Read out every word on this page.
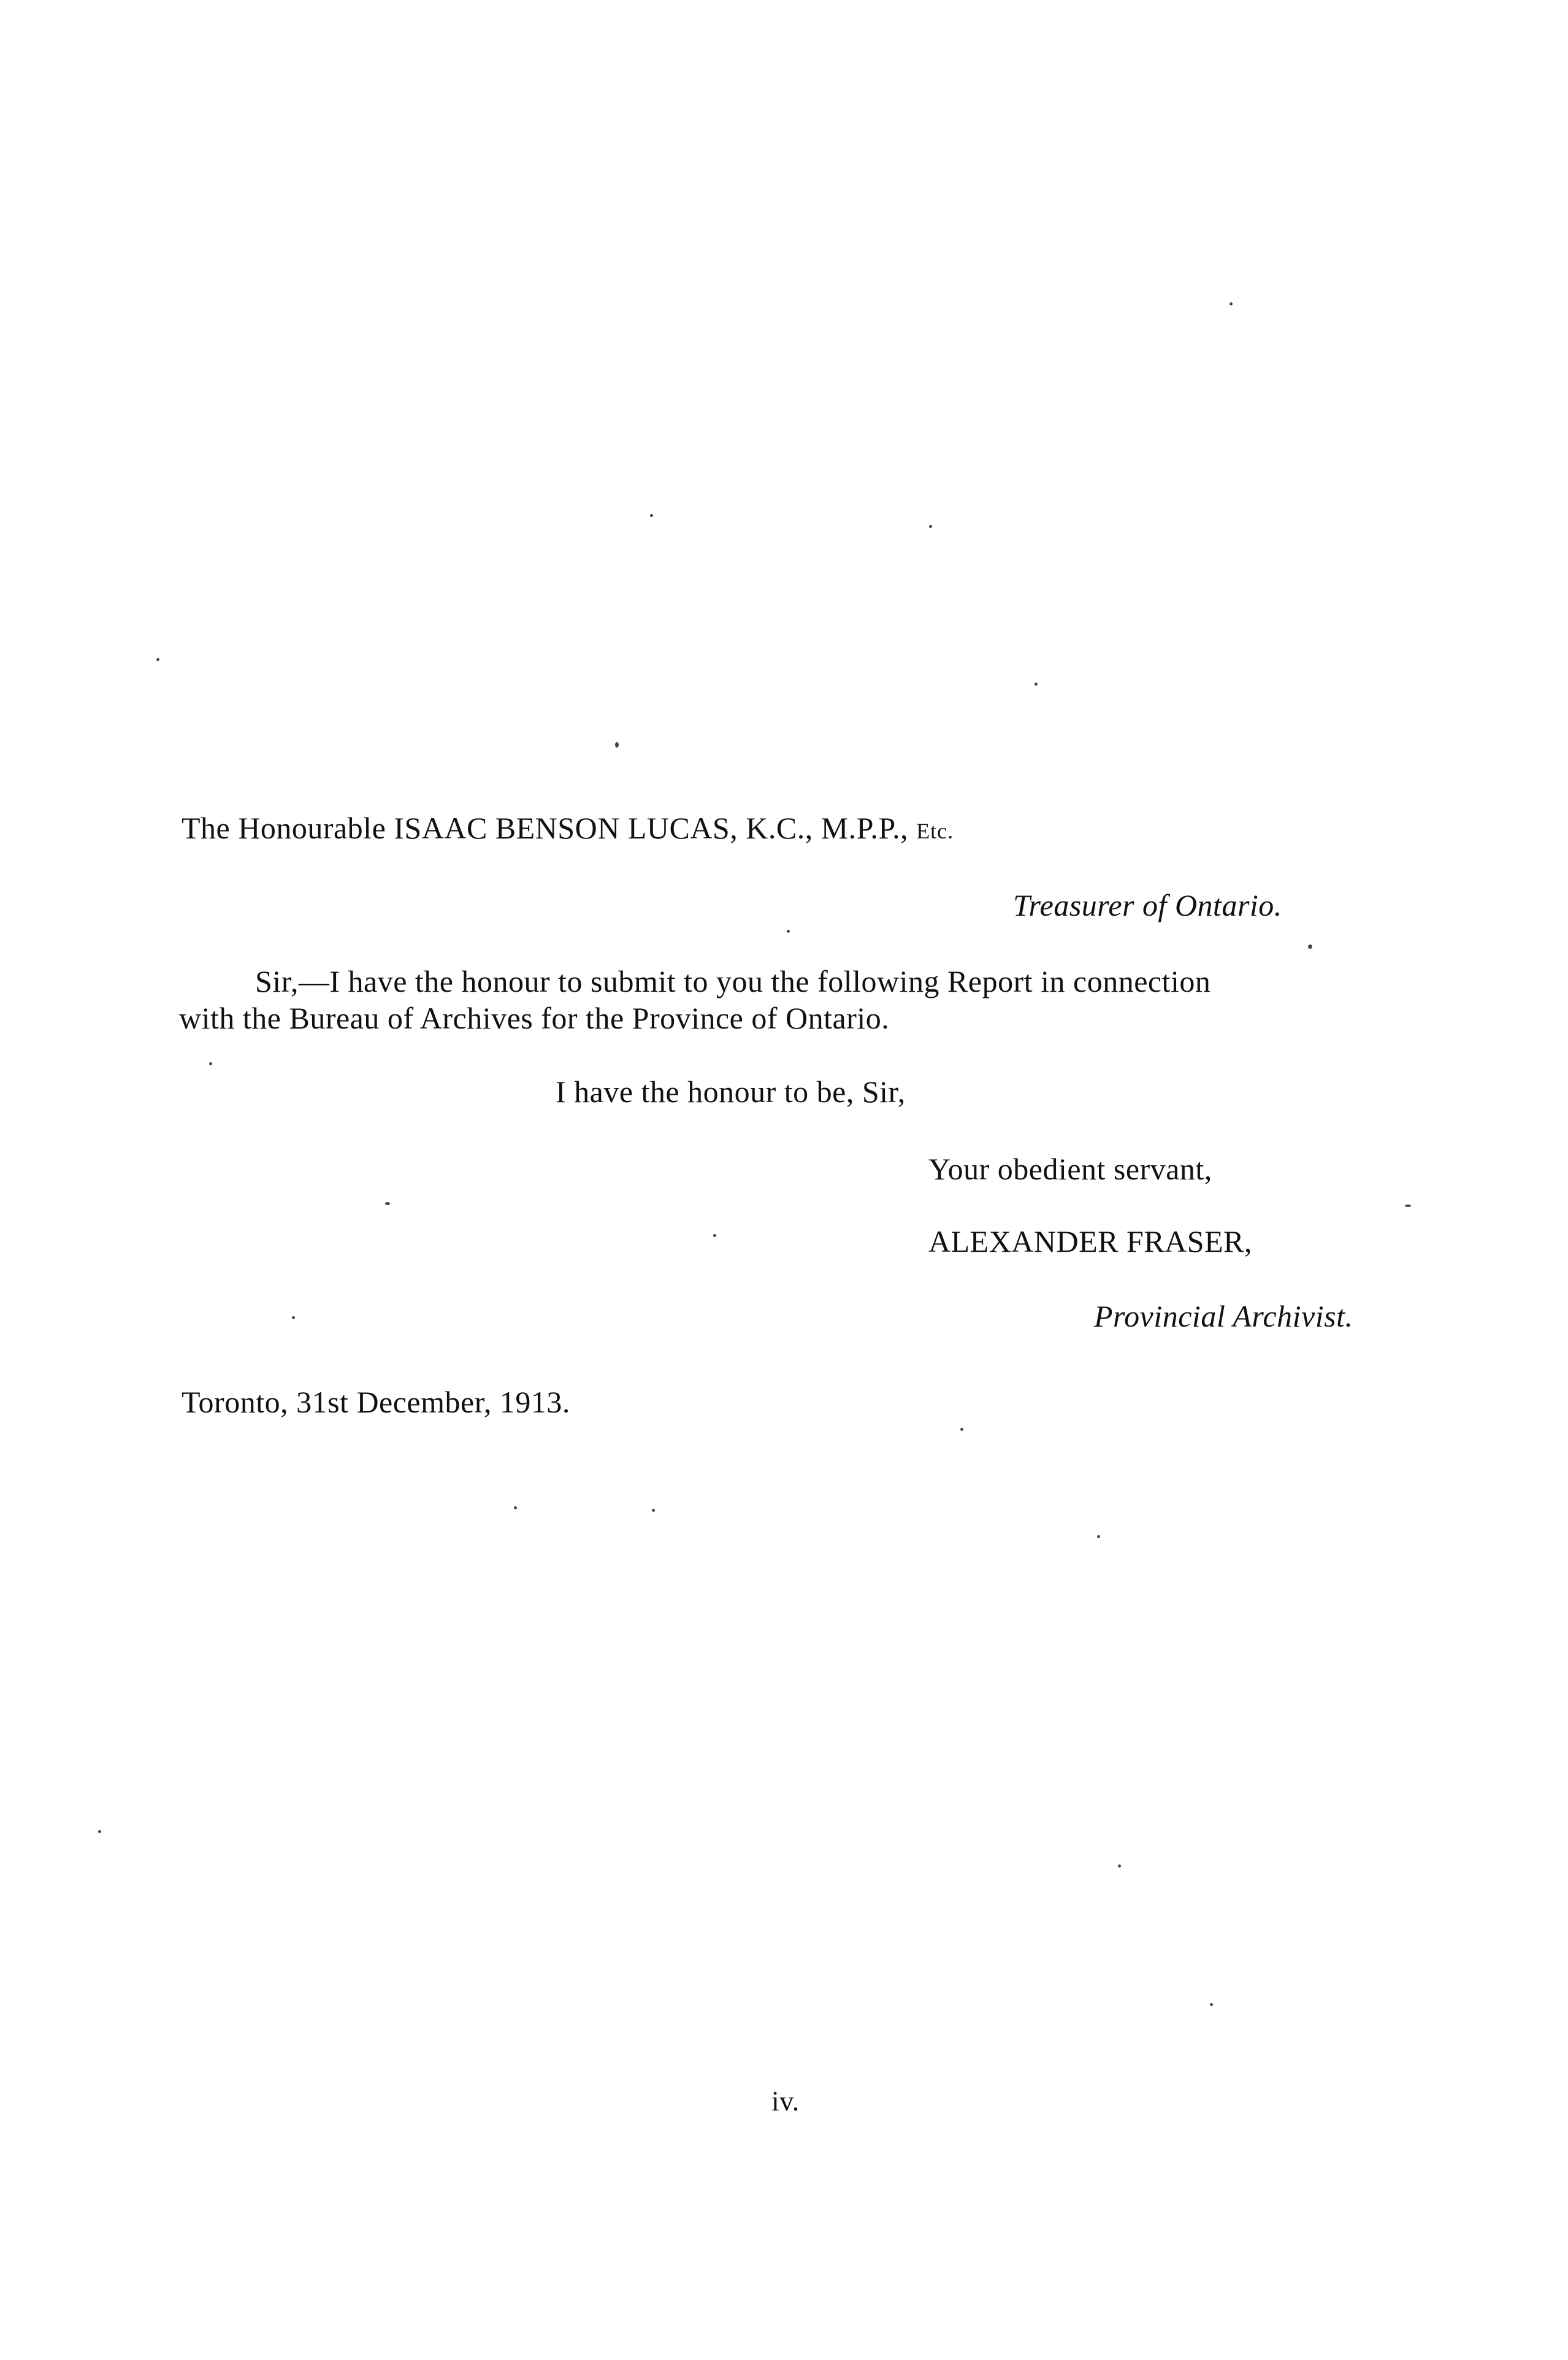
The Honourable ISAAC BENSON LUCAS, K.C., M.P.P., Etc.
Treasurer of Ontario.
Sir,—I have the honour to submit to you the following Report in connection
with the Bureau of Archives for the Province of Ontario.
I have the honour to be, Sir,
Your obedient servant,
ALEXANDER FRASER,
Provincial Archivist.
Toronto, 31st December, 1913.
iv.
